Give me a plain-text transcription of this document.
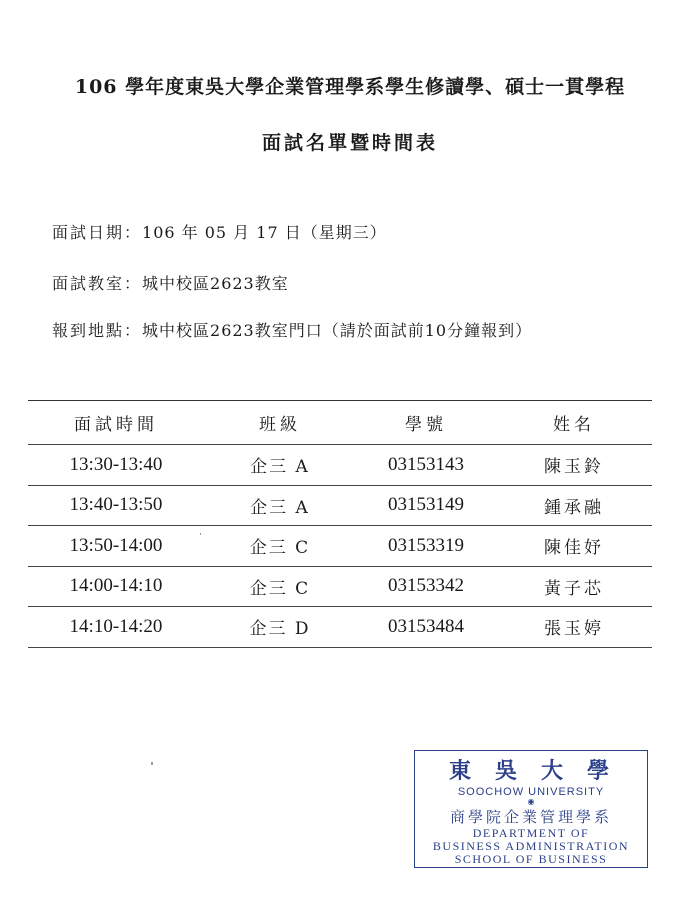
106 學年度東吳大學企業管理學系學生修讀學、碩士一貫學程
面試名單暨時間表
面試日期：106 年 05 月 17 日（星期三）
面試教室：城中校區2623教室
報到地點：城中校區2623教室門口（請於面試前10分鐘報到）
面試時間	班級	學號	姓名
13:30-13:40	企三 A	03153143	陳玉鈴
13:40-13:50	企三 A	03153149	鍾承融
13:50-14:00	企三 C	03153319	陳佳妤
14:00-14:10	企三 C	03153342	黃子芯
14:10-14:20	企三 D	03153484	張玉婷
東吳大學
SOOCHOW UNIVERSITY
◉
商學院企業管理學系
DEPARTMENT OF
BUSINESS ADMINISTRATION
SCHOOL OF BUSINESS
